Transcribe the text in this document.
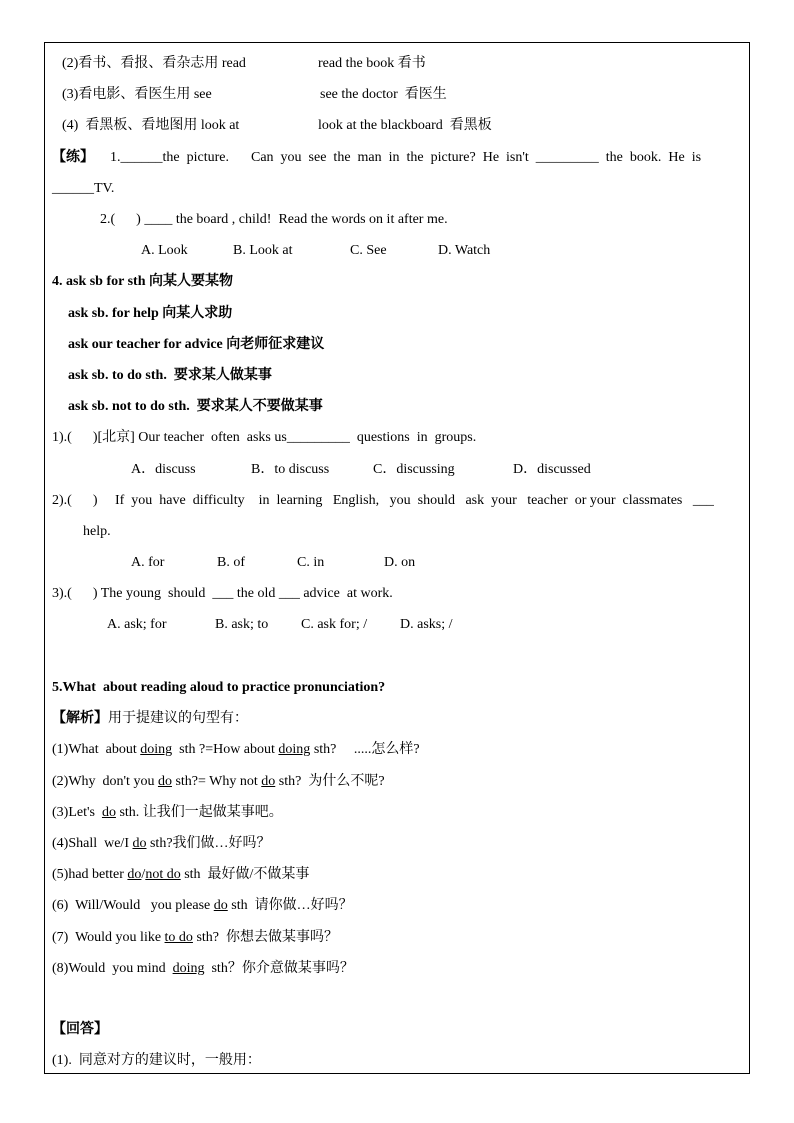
(2)看书、看报、看杂志用 read	read the book 看书
(3)看电影、看医生用 see	see the doctor  看医生
(4)  看黑板、看地图用 look at	look at the blackboard  看黑板
【练】 1.______the  picture. Can  you  see  the  man  in  the  picture?  He  isn't  _________  the  book.  He  is
______TV.
2.(      ) ____ the board , child!  Read the words on it after me.
A. Look	B. Look at	C. See	D. Watch
4. ask sb for sth 向某人要某物
ask sb. for help 向某人求助
ask our teacher for advice 向老师征求建议
ask sb. to do sth.  要求某人做某事
ask sb. not to do sth.  要求某人不要做某事
1).(      )[北京] Our teacher  often  asks us_________  questions  in  groups.
A．discuss	B．to discuss	C．discussing	D．discussed
2).(      )     If  you  have  difficulty    in  learning   English,   you  should   ask  your   teacher  or your  classmates   ___
help.
A. for	B. of	C. in	D. on
3).(      ) The young  should  ___ the old ___ advice  at work.
A. ask; for	B. ask; to C. ask for; / D. asks; /
5.What  about reading aloud to practice pronunciation?
【解析】用于提建议的句型有：
(1)What  about doing  sth ?=How about doing sth?     .....怎么样?
(2)Why  don't you do sth?= Why not do sth?  为什么不呢?
(3)Let's  do sth. 让我们一起做某事吧。
(4)Shall  we/I do sth?我们做…好吗？
(5)had better do/not do sth  最好做/不做某事
(6)  Will/Would   you please do sth  请你做…好吗？
(7)  Would you like to do sth?  你想去做某事吗？
(8)Would  you mind  doing  sth？你介意做某事吗？
【回答】
(1).  同意对方的建议时，一般用：
